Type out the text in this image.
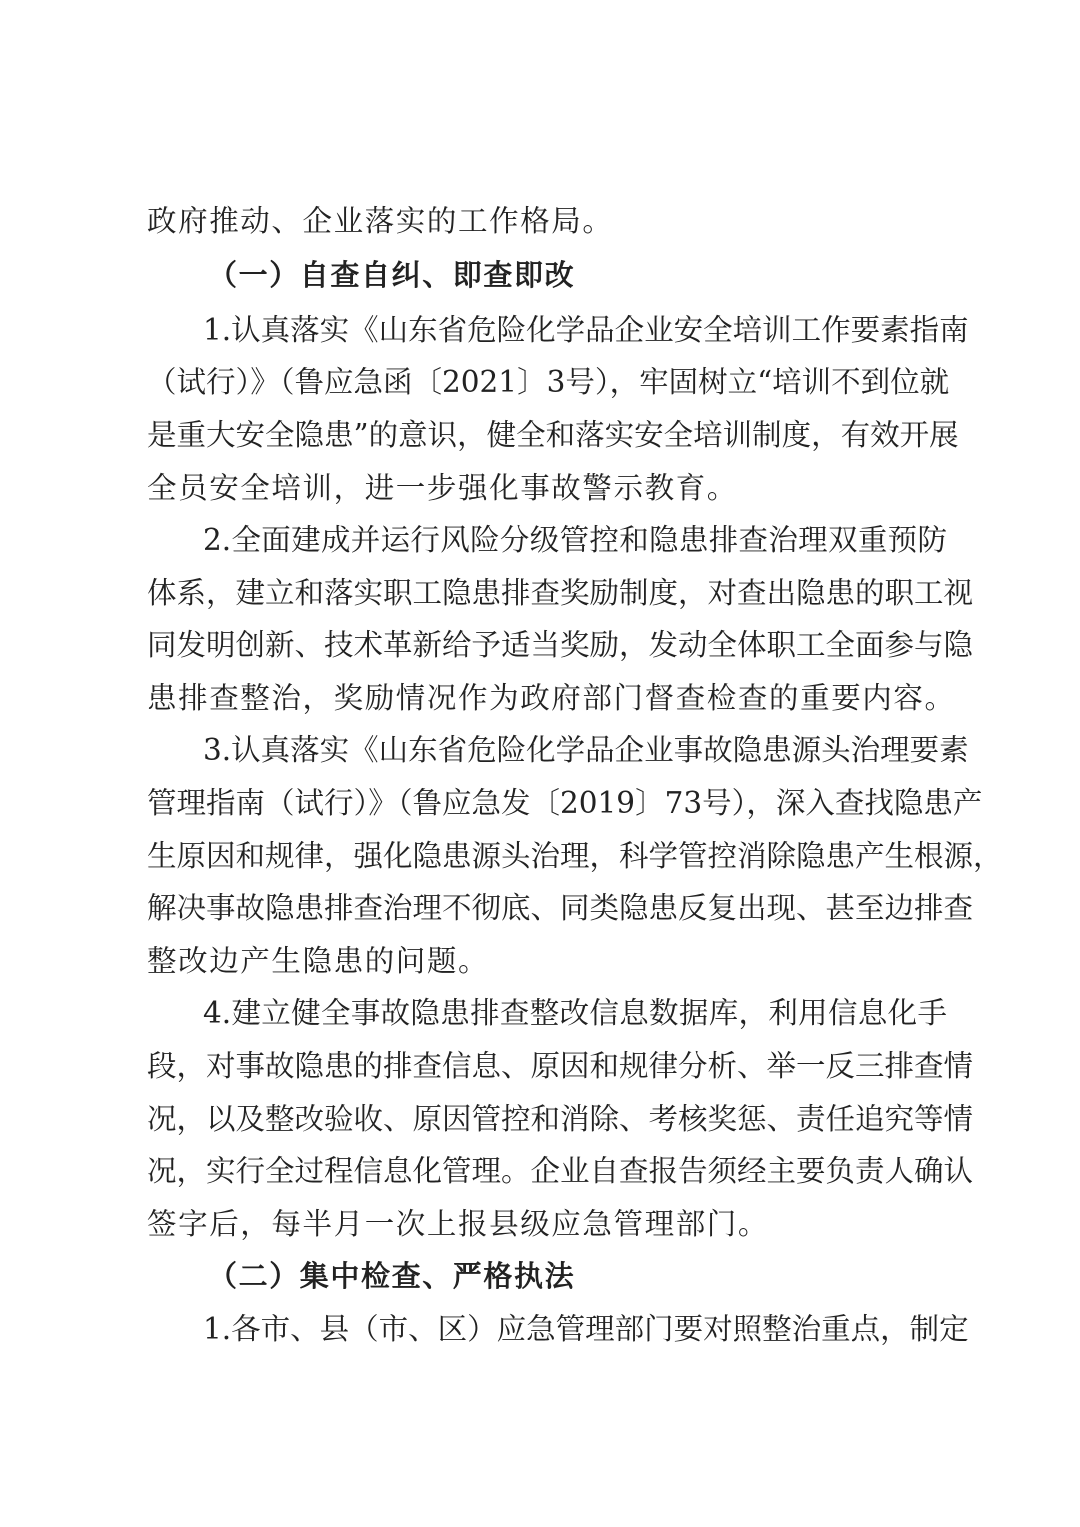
政府推动、企业落实的工作格局。
（一）自查自纠、即查即改
1.认真落实《山东省危险化学品企业安全培训工作要素指南
（试行）》（鲁应急函〔2021〕3号），牢固树立“培训不到位就
是重大安全隐患”的意识，健全和落实安全培训制度，有效开展
全员安全培训，进一步强化事故警示教育。
2.全面建成并运行风险分级管控和隐患排查治理双重预防
体系，建立和落实职工隐患排查奖励制度，对查出隐患的职工视
同发明创新、技术革新给予适当奖励，发动全体职工全面参与隐
患排查整治，奖励情况作为政府部门督查检查的重要内容。
3.认真落实《山东省危险化学品企业事故隐患源头治理要素
管理指南（试行）》（鲁应急发〔2019〕73号），深入查找隐患产
生原因和规律，强化隐患源头治理，科学管控消除隐患产生根源，
解决事故隐患排查治理不彻底、同类隐患反复出现、甚至边排查
整改边产生隐患的问题。
4.建立健全事故隐患排查整改信息数据库，利用信息化手
段，对事故隐患的排查信息、原因和规律分析、举一反三排查情
况，以及整改验收、原因管控和消除、考核奖惩、责任追究等情
况，实行全过程信息化管理。企业自查报告须经主要负责人确认
签字后，每半月一次上报县级应急管理部门。
（二）集中检查、严格执法
1.各市、县（市、区）应急管理部门要对照整治重点，制定
